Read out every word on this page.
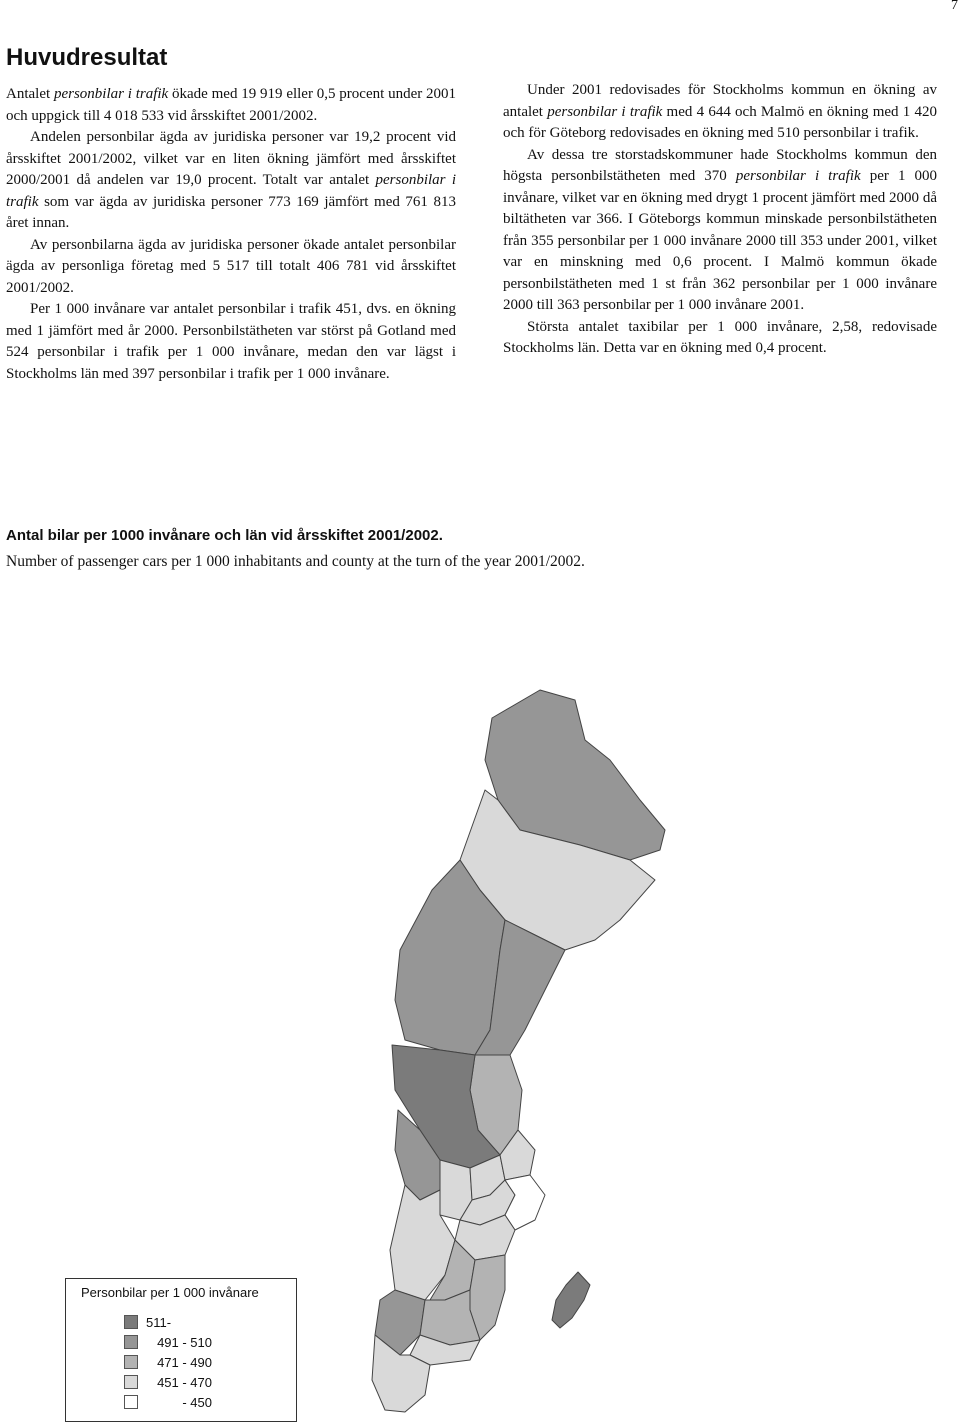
7
Huvudresultat

Antalet personbilar i trafik ökade med 19 919 eller 0,5 procent under 2001 och uppgick till 4 018 533 vid årsskiftet 2001/2002.

Andelen personbilar ägda av juridiska personer var 19,2 procent vid årsskiftet 2001/2002, vilket var en liten ökning jämfört med årsskiftet 2000/2001 då andelen var 19,0 procent. Totalt var antalet personbilar i trafik som var ägda av juridiska personer 773 169 jämfört med 761 813 året innan.

Av personbilarna ägda av juridiska personer ökade antalet personbilar ägda av personliga företag med 5 517 till totalt 406 781 vid årsskiftet 2001/2002.

Per 1 000 invånare var antalet personbilar i trafik 451, dvs. en ökning med 1 jämfört med år 2000. Personbilstätheten var störst på Gotland med 524 personbilar i trafik per 1 000 invånare, medan den var lägst i Stockholms län med 397 personbilar i trafik per 1 000 invånare.

Under 2001 redovisades för Stockholms kommun en ökning av antalet personbilar i trafik med 4 644 och Malmö en ökning med 1 420 och för Göteborg redovisades en ökning med 510 personbilar i trafik.

Av dessa tre storstadskommuner hade Stockholms kommun den högsta personbilstätheten med 370 personbilar i trafik per 1 000 invånare, vilket var en ökning med drygt 1 procent jämfört med 2000 då biltätheten var 366. I Göteborgs kommun minskade personbilstätheten från 355 personbilar per 1 000 invånare 2000 till 353 under 2001, vilket var en minskning med 0,6 procent. I Malmö kommun ökade personbilstätheten med 1 st från 362 personbilar per 1 000 invånare 2000 till 363 personbilar per 1 000 invånare 2001.

Största antalet taxibilar per 1 000 invånare, 2,58, redovisade Stockholms län. Detta var en ökning med 0,4 procent.

Antal bilar per 1000 invånare och län vid årsskiftet 2001/2002.
Number of passenger cars per 1 000 inhabitants and county at the turn of the year 2001/2002.
Personbilar per 1 000 invånare
511-
491 - 510
471 - 490
451 - 470
- 450
